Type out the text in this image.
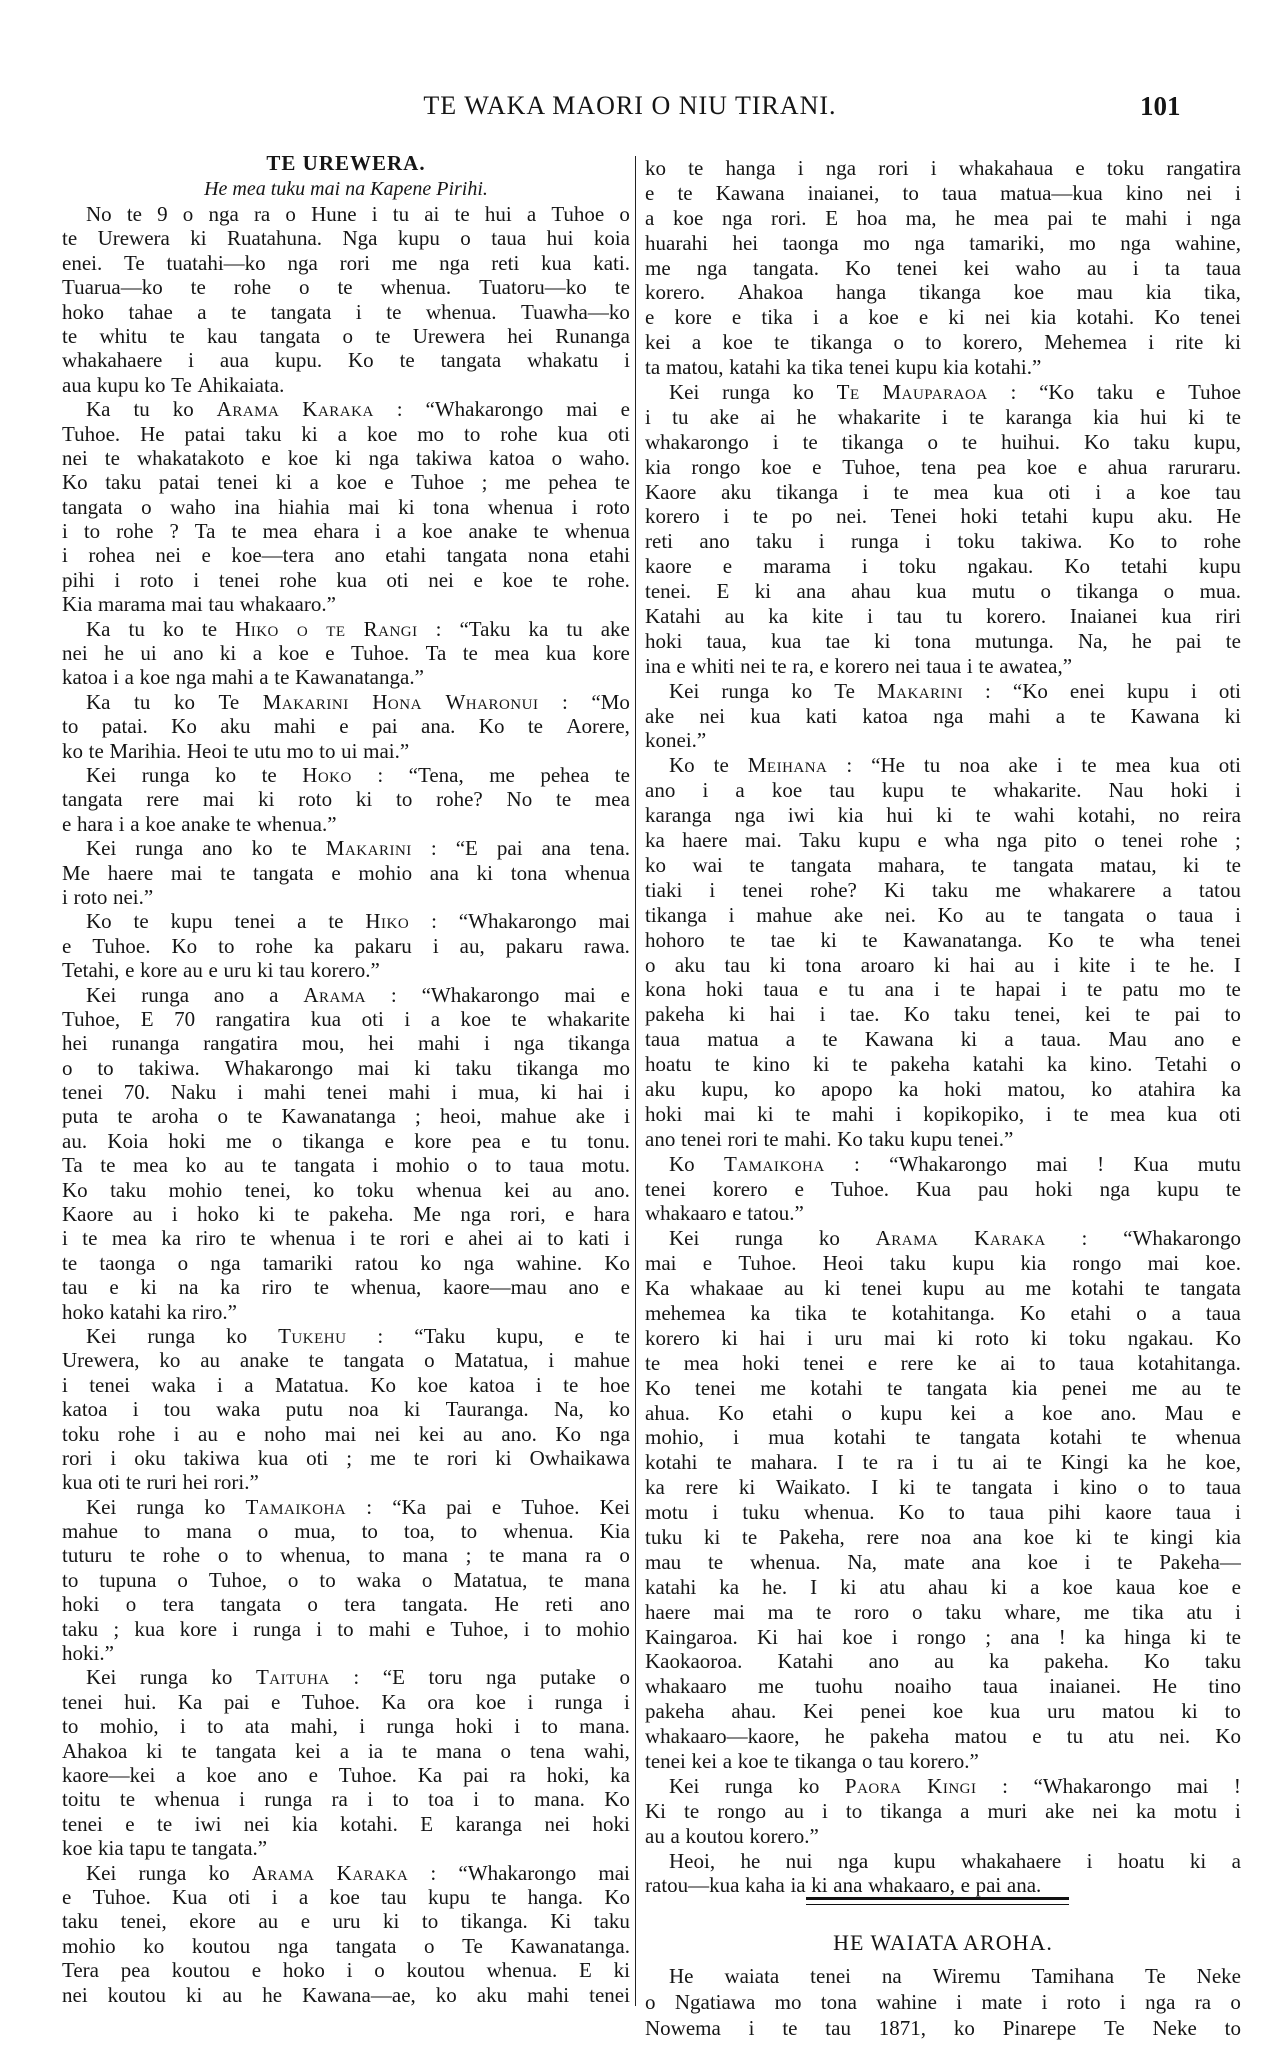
TE WAKA MAORI O NIU TIRANI.	101
TE UREWERA.
He mea tuku mai na Kapene Pirihi.
No te 9 o nga ra o Hune i tu ai te hui a Tuhoe o
te Urewera ki Ruatahuna. Nga kupu o taua hui koia
enei. Te tuatahi—ko nga rori me nga reti kua kati.
Tuarua—ko te rohe o te whenua. Tuatoru—ko te
hoko tahae a te tangata i te whenua. Tuawha—ko
te whitu te kau tangata o te Urewera hei Runanga
whakahaere i aua kupu. Ko te tangata whakatu i
aua kupu ko Te Ahikaiata.
Ka tu ko Arama Karaka : “Whakarongo mai e
Tuhoe. He patai taku ki a koe mo to rohe kua oti
nei te whakatakoto e koe ki nga takiwa katoa o waho.
Ko taku patai tenei ki a koe e Tuhoe ; me pehea te
tangata o waho ina hiahia mai ki tona whenua i roto
i to rohe ? Ta te mea ehara i a koe anake te whenua
i rohea nei e koe—tera ano etahi tangata nona etahi
pihi i roto i tenei rohe kua oti nei e koe te rohe.
Kia marama mai tau whakaaro.”
Ka tu ko te Hiko o te Rangi : “Taku ka tu ake
nei he ui ano ki a koe e Tuhoe. Ta te mea kua kore
katoa i a koe nga mahi a te Kawanatanga.”
Ka tu ko Te Makarini Hona Wharonui : “Mo
to patai. Ko aku mahi e pai ana. Ko te Aorere,
ko te Marihia. Heoi te utu mo to ui mai.”
Kei runga ko te Hoko : “Tena, me pehea te
tangata rere mai ki roto ki to rohe? No te mea
e hara i a koe anake te whenua.”
Kei runga ano ko te Makarini : “E pai ana tena.
Me haere mai te tangata e mohio ana ki tona whenua
i roto nei.”
Ko te kupu tenei a te Hiko : “Whakarongo mai
e Tuhoe. Ko to rohe ka pakaru i au, pakaru rawa.
Tetahi, e kore au e uru ki tau korero.”
Kei runga ano a Arama : “Whakarongo mai e
Tuhoe, E 70 rangatira kua oti i a koe te whakarite
hei runanga rangatira mou, hei mahi i nga tikanga
o to takiwa. Whakarongo mai ki taku tikanga mo
tenei 70. Naku i mahi tenei mahi i mua, ki hai i
puta te aroha o te Kawanatanga ; heoi, mahue ake i
au. Koia hoki me o tikanga e kore pea e tu tonu.
Ta te mea ko au te tangata i mohio o to taua motu.
Ko taku mohio tenei, ko toku whenua kei au ano.
Kaore au i hoko ki te pakeha. Me nga rori, e hara
i te mea ka riro te whenua i te rori e ahei ai to kati i
te taonga o nga tamariki ratou ko nga wahine. Ko
tau e ki na ka riro te whenua, kaore—mau ano e
hoko katahi ka riro.”
Kei runga ko Tukehu : “Taku kupu, e te
Urewera, ko au anake te tangata o Matatua, i mahue
i tenei waka i a Matatua. Ko koe katoa i te hoe
katoa i tou waka putu noa ki Tauranga. Na, ko
toku rohe i au e noho mai nei kei au ano. Ko nga
rori i oku takiwa kua oti ; me te rori ki Owhaikawa
kua oti te ruri hei rori.”
Kei runga ko Tamaikoha : “Ka pai e Tuhoe. Kei
mahue to mana o mua, to toa, to whenua. Kia
tuturu te rohe o to whenua, to mana ; te mana ra o
to tupuna o Tuhoe, o to waka o Matatua, te mana
hoki o tera tangata o tera tangata. He reti ano
taku ; kua kore i runga i to mahi e Tuhoe, i to mohio
hoki.”
Kei runga ko Taituha : “E toru nga putake o
tenei hui. Ka pai e Tuhoe. Ka ora koe i runga i
to mohio, i to ata mahi, i runga hoki i to mana.
Ahakoa ki te tangata kei a ia te mana o tena wahi,
kaore—kei a koe ano e Tuhoe. Ka pai ra hoki, ka
toitu te whenua i runga ra i to toa i to mana. Ko
tenei e te iwi nei kia kotahi. E karanga nei hoki
koe kia tapu te tangata.”
Kei runga ko Arama Karaka : “Whakarongo mai
e Tuhoe. Kua oti i a koe tau kupu te hanga. Ko
taku tenei, ekore au e uru ki to tikanga. Ki taku
mohio ko koutou nga tangata o Te Kawanatanga.
Tera pea koutou e hoko i o koutou whenua. E ki
nei koutou ki au he Kawana—ae, ko aku mahi tenei
ko te hanga i nga rori i whakahaua e toku rangatira
e te Kawana inaianei, to taua matua—kua kino nei i
a koe nga rori. E hoa ma, he mea pai te mahi i nga
huarahi hei taonga mo nga tamariki, mo nga wahine,
me nga tangata. Ko tenei kei waho au i ta taua
korero. Ahakoa hanga tikanga koe mau kia tika,
e kore e tika i a koe e ki nei kia kotahi. Ko tenei
kei a koe te tikanga o to korero, Mehemea i rite ki
ta matou, katahi ka tika tenei kupu kia kotahi.”
Kei runga ko Te Mauparaoa : “Ko taku e Tuhoe
i tu ake ai he whakarite i te karanga kia hui ki te
whakarongo i te tikanga o te huihui. Ko taku kupu,
kia rongo koe e Tuhoe, tena pea koe e ahua raruraru.
Kaore aku tikanga i te mea kua oti i a koe tau
korero i te po nei. Tenei hoki tetahi kupu aku. He
reti ano taku i runga i toku takiwa. Ko to rohe
kaore e marama i toku ngakau. Ko tetahi kupu
tenei. E ki ana ahau kua mutu o tikanga o mua.
Katahi au ka kite i tau tu korero. Inaianei kua riri
hoki taua, kua tae ki tona mutunga. Na, he pai te
ina e whiti nei te ra, e korero nei taua i te awatea,”
Kei runga ko Te Makarini : “Ko enei kupu i oti
ake nei kua kati katoa nga mahi a te Kawana ki
konei.”
Ko te Meihana : “He tu noa ake i te mea kua oti
ano i a koe tau kupu te whakarite. Nau hoki i
karanga nga iwi kia hui ki te wahi kotahi, no reira
ka haere mai. Taku kupu e wha nga pito o tenei rohe ;
ko wai te tangata mahara, te tangata matau, ki te
tiaki i tenei rohe? Ki taku me whakarere a tatou
tikanga i mahue ake nei. Ko au te tangata o taua i
hohoro te tae ki te Kawanatanga. Ko te wha tenei
o aku tau ki tona aroaro ki hai au i kite i te he. I
kona hoki taua e tu ana i te hapai i te patu mo te
pakeha ki hai i tae. Ko taku tenei, kei te pai to
taua matua a te Kawana ki a taua. Mau ano e
hoatu te kino ki te pakeha katahi ka kino. Tetahi o
aku kupu, ko apopo ka hoki matou, ko atahira ka
hoki mai ki te mahi i kopikopiko, i te mea kua oti
ano tenei rori te mahi. Ko taku kupu tenei.”
Ko Tamaikoha : “Whakarongo mai ! Kua mutu
tenei korero e Tuhoe. Kua pau hoki nga kupu te
whakaaro e tatou.”
Kei runga ko Arama Karaka : “Whakarongo
mai e Tuhoe. Heoi taku kupu kia rongo mai koe.
Ka whakaae au ki tenei kupu au me kotahi te tangata
mehemea ka tika te kotahitanga. Ko etahi o a taua
korero ki hai i uru mai ki roto ki toku ngakau. Ko
te mea hoki tenei e rere ke ai to taua kotahitanga.
Ko tenei me kotahi te tangata kia penei me au te
ahua. Ko etahi o kupu kei a koe ano. Mau e
mohio, i mua kotahi te tangata kotahi te whenua
kotahi te mahara. I te ra i tu ai te Kingi ka he koe,
ka rere ki Waikato. I ki te tangata i kino o to taua
motu i tuku whenua. Ko to taua pihi kaore taua i
tuku ki te Pakeha, rere noa ana koe ki te kingi kia
mau te whenua. Na, mate ana koe i te Pakeha—
katahi ka he. I ki atu ahau ki a koe kaua koe e
haere mai ma te roro o taku whare, me tika atu i
Kaingaroa. Ki hai koe i rongo ; ana ! ka hinga ki te
Kaokaoroa. Katahi ano au ka pakeha. Ko taku
whakaaro me tuohu noaiho taua inaianei. He tino
pakeha ahau. Kei penei koe kua uru matou ki to
whakaaro—kaore, he pakeha matou e tu atu nei. Ko
tenei kei a koe te tikanga o tau korero.”
Kei runga ko Paora Kingi : “Whakarongo mai !
Ki te rongo au i to tikanga a muri ake nei ka motu i
au a koutou korero.”
Heoi, he nui nga kupu whakahaere i hoatu ki a
ratou—kua kaha ia ki ana whakaaro, e pai ana.
HE WAIATA AROHA.
He waiata tenei na Wiremu Tamihana Te Neke
o Ngatiawa mo tona wahine i mate i roto i nga ra o
Nowema i te tau 1871, ko Pinarepe Te Neke to
